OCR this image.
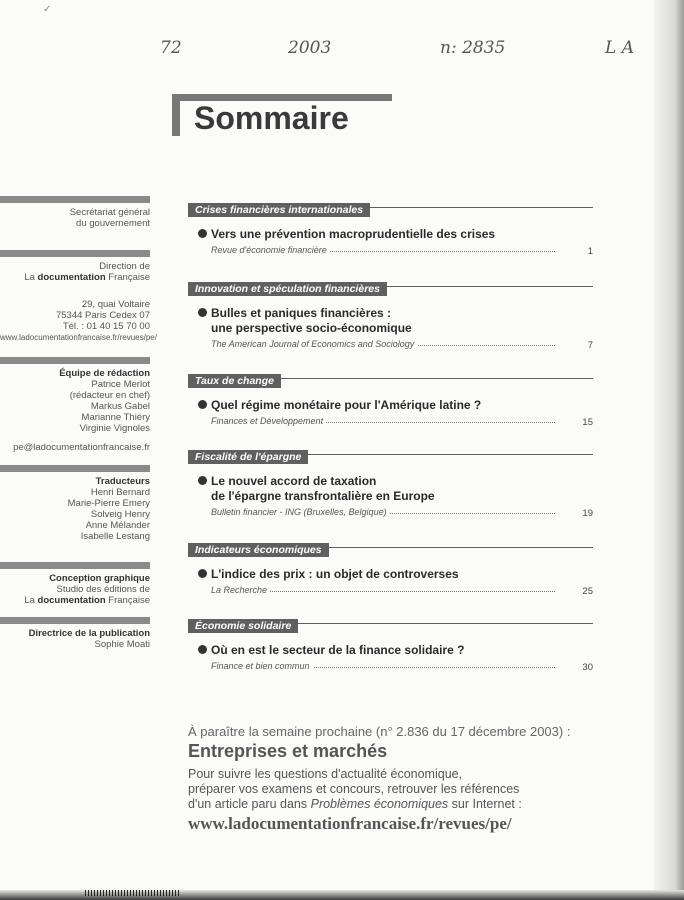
✓
72	2003	n: 2835	L A
Sommaire
Secrétariat général
du gouvernement
Direction de
La documentation Française
29, quai Voltaire
75344 Paris Cedex 07
Tél. : 01 40 15 70 00
www.ladocumentationfrancaise.fr/revues/pe/
Équipe de rédaction
Patrice Merlot
(rédacteur en chef)
Markus Gabel
Marianne Thiéry
Virginie Vignoles
pe@ladocumentationfrancaise.fr
Traducteurs
Henri Bernard
Marie-Pierre Emery
Solveig Henry
Anne Mélander
Isabelle Lestang
Conception graphique
Studio des éditions de
La documentation Française
Directrice de la publication
Sophie Moati
Crises financières internationales
Vers une prévention macroprudentielle des crises
Revue d'économie financière	1
Innovation et spéculation financières
Bulles et paniques financières :
une perspective socio-économique
The American Journal of Economics and Sociology	7
Taux de change
Quel régime monétaire pour l'Amérique latine ?
Finances et Développement	15
Fiscalité de l'épargne
Le nouvel accord de taxation
de l'épargne transfrontalière en Europe
Bulletin financier - ING (Bruxelles, Belgique)	19
Indicateurs économiques
L'indice des prix : un objet de controverses
La Recherche	25
Économie solidaire
Où en est le secteur de la finance solidaire ?
Finance et bien commun	30
À paraître la semaine prochaine (n° 2.836 du 17 décembre 2003) :
Entreprises et marchés
Pour suivre les questions d'actualité économique,
préparer vos examens et concours, retrouver les références
d'un article paru dans Problèmes économiques sur Internet :
www.ladocumentationfrancaise.fr/revues/pe/
